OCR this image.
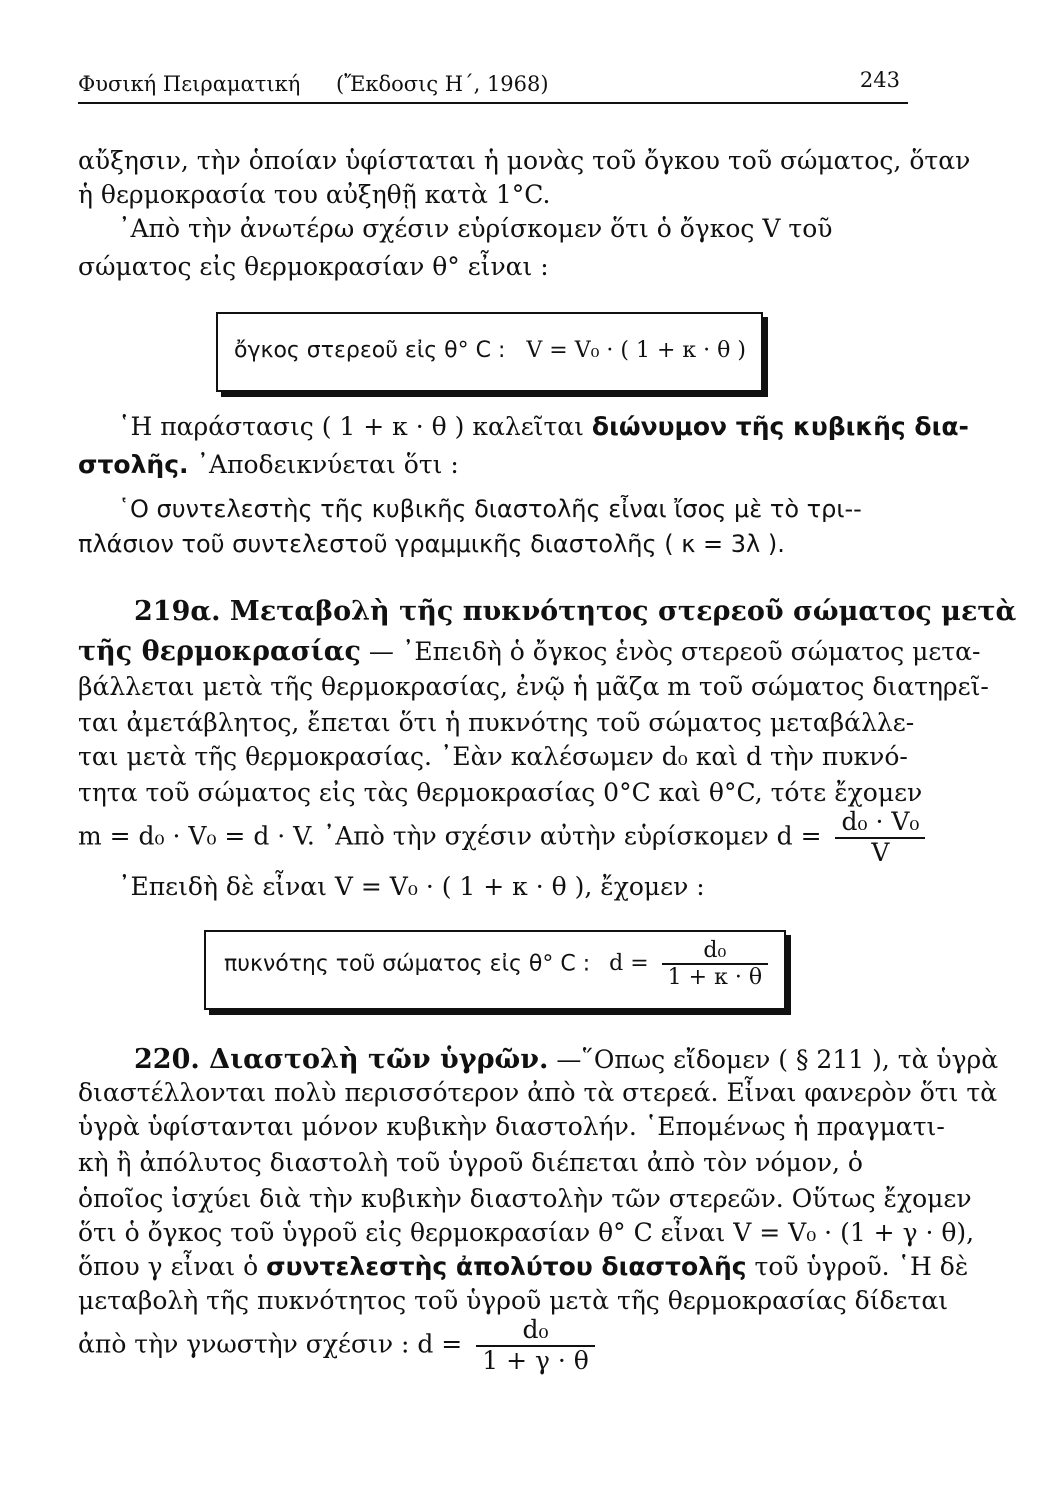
Φυσική Πειραματική (Ἔκδοσις Η΄, 1968)	243
αὔξησιν, τὴν ὁποίαν ὑφίσταται ἡ μονὰς τοῦ ὄγκου τοῦ σώματος, ὅταν
ἡ θερμοκρασία του αὐξηθῇ κατὰ 1°C.
᾿Απὸ τὴν ἀνωτέρω σχέσιν εὑρίσκομεν ὅτι ὁ ὄγκος V τοῦ
σώματος εἰς θερμοκρασίαν θ° εἶναι :
ὄγκος στερεοῦ εἰς θ° C : V = V₀ · ( 1 + κ · θ )
῾Η παράστασις ( 1 + κ · θ ) καλεῖται διώνυμον τῆς κυβικῆς δια-
στολῆς. ᾿Αποδεικνύεται ὅτι :
῾Ο συντελεστὴς τῆς κυβικῆς διαστολῆς εἶναι ἴσος μὲ τὸ τρι--
πλάσιον τοῦ συντελεστοῦ γραμμικῆς διαστολῆς ( κ = 3λ ).
219α. Μεταβολὴ τῆς πυκνότητος στερεοῦ σώματος μετὰ
τῆς θερμοκρασίας — ᾿Επειδὴ ὁ ὄγκος ἑνὸς στερεοῦ σώματος μετα-
βάλλεται μετὰ τῆς θερμοκρασίας, ἐνῷ ἡ μᾶζα m τοῦ σώματος διατηρεῖ-
ται ἀμετάβλητος, ἔπεται ὅτι ἡ πυκνότης τοῦ σώματος μεταβάλλε-
ται μετὰ τῆς θερμοκρασίας. ᾿Εὰν καλέσωμεν d₀ καὶ d τὴν πυκνό-
τητα τοῦ σώματος εἰς τὰς θερμοκρασίας 0°C καὶ θ°C, τότε ἔχομεν
m = d₀ · V₀ = d · V. ᾿Απὸ τὴν σχέσιν αὐτὴν εὑρίσκομεν $d = \frac{\text{d₀ · V₀}}{V}$
᾿Επειδὴ δὲ εἶναι V = V₀ · ( 1 + κ · θ ), ἔχομεν :
πυκνότης τοῦ σώματος εἰς θ° C : $d = \frac{\text{d₀}}{1 + \kappa \cdot \theta}$
220. Διαστολὴ τῶν ὑγρῶν. —῞Οπως εἴδομεν ( § 211 ), τὰ ὑγρὰ
διαστέλλονται πολὺ περισσότερον ἀπὸ τὰ στερεά. Εἶναι φανερὸν ὅτι τὰ
ὑγρὰ ὑφίστανται μόνον κυβικὴν διαστολήν. ῾Επομένως ἡ πραγματι-
κὴ ἢ ἀπόλυτος διαστολὴ τοῦ ὑγροῦ διέπεται ἀπὸ τὸν νόμον, ὁ
ὁποῖος ἰσχύει διὰ τὴν κυβικὴν διαστολὴν τῶν στερεῶν. Οὕτως ἔχομεν
ὅτι ὁ ὄγκος τοῦ ὑγροῦ εἰς θερμοκρασίαν θ° C εἶναι V = V₀ · (1 + γ · θ),
ὅπου γ εἶναι ὁ συντελεστὴς ἀπολύτου διαστολῆς τοῦ ὑγροῦ. ῾Η δὲ
μεταβολὴ τῆς πυκνότητος τοῦ ὑγροῦ μετὰ τῆς θερμοκρασίας δίδεται
ἀπὸ τὴν γνωστὴν σχέσιν : $d = \frac{\text{d₀}}{1 + \gamma \cdot \theta}$
